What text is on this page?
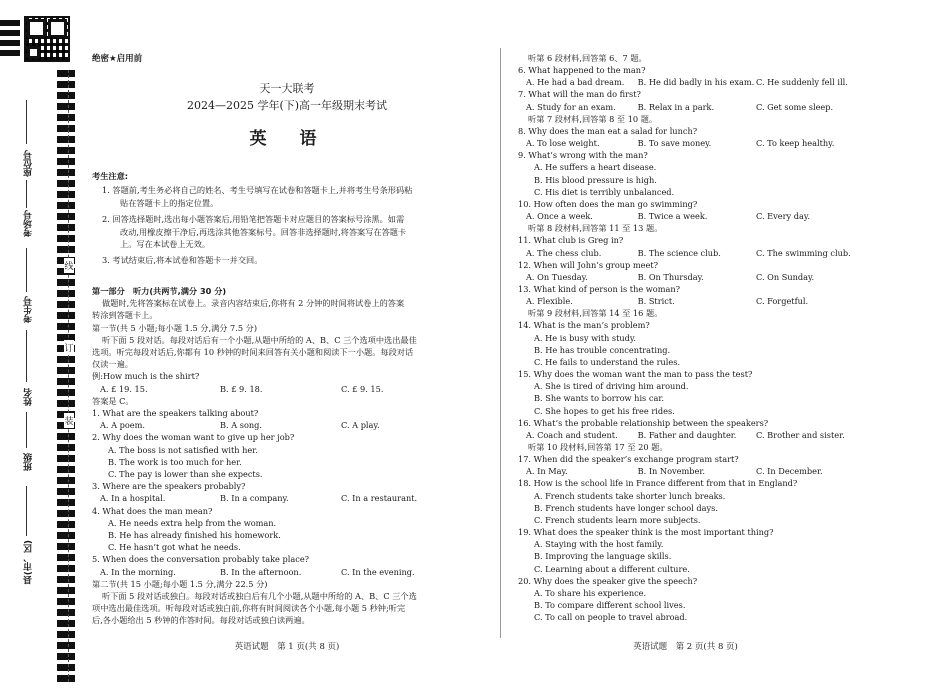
座位号
考场号
考生号
姓名
班级
县(市、区)
线
订
装
绝密★启用前
天一大联考
2024—2025 学年(下)高一年级期末考试
英　语
考生注意:
1. 答题前,考生务必将自己的姓名、考生号填写在试卷和答题卡上,并将考生号条形码粘
贴在答题卡上的指定位置。
2. 回答选择题时,选出每小题答案后,用铅笔把答题卡对应题目的答案标号涂黑。如需
改动,用橡皮擦干净后,再选涂其他答案标号。回答非选择题时,将答案写在答题卡
上。写在本试卷上无效。
3. 考试结束后,将本试卷和答题卡一并交回。
第一部分　听力(共两节,满分 30 分)
做题时,先将答案标在试卷上。录音内容结束后,你将有 2 分钟的时间将试卷上的答案
转涂到答题卡上。
第一节(共 5 小题;每小题 1.5 分,满分 7.5 分)
听下面 5 段对话。每段对话后有一个小题,从题中所给的 A、B、C 三个选项中选出最佳
选项。听完每段对话后,你都有 10 秒钟的时间来回答有关小题和阅读下一小题。每段对话
仅读一遍。
例:How much is the shirt?
A. £ 19. 15.	B. £ 9. 18.	C. £ 9. 15.
答案是 C。
1. What are the speakers talking about?
A. A poem.	B. A song.	C. A play.
2. Why does the woman want to give up her job?
A. The boss is not satisfied with her.
B. The work is too much for her.
C. The pay is lower than she expects.
3. Where are the speakers probably?
A. In a hospital.	B. In a company.	C. In a restaurant.
4. What does the man mean?
A. He needs extra help from the woman.
B. He has already finished his homework.
C. He hasn’t got what he needs.
5. When does the conversation probably take place?
A. In the morning.	B. In the afternoon.	C. In the evening.
第二节(共 15 小题;每小题 1.5 分,满分 22.5 分)
听下面 5 段对话或独白。每段对话或独白后有几个小题,从题中所给的 A、B、C 三个选
项中选出最佳选项。听每段对话或独白前,你将有时间阅读各个小题,每小题 5 秒钟;听完
后,各小题给出 5 秒钟的作答时间。每段对话或独白读两遍。
听第 6 段材料,回答第 6、7 题。
6. What happened to the man?
A. He had a bad dream.	B. He did badly in his exam. C. He suddenly fell ill.
7. What will the man do first?
A. Study for an exam.	B. Relax in a park.	C. Get some sleep.
听第 7 段材料,回答第 8 至 10 题。
8. Why does the man eat a salad for lunch?
A. To lose weight.	B. To save money.	C. To keep healthy.
9. What’s wrong with the man?
A. He suffers a heart disease.
B. His blood pressure is high.
C. His diet is terribly unbalanced.
10. How often does the man go swimming?
A. Once a week.	B. Twice a week.	C. Every day.
听第 8 段材料,回答第 11 至 13 题。
11. What club is Greg in?
A. The chess club.	B. The science club.	C. The swimming club.
12. When will John’s group meet?
A. On Tuesday.	B. On Thursday.	C. On Sunday.
13. What kind of person is the woman?
A. Flexible.	B. Strict.	C. Forgetful.
听第 9 段材料,回答第 14 至 16 题。
14. What is the man’s problem?
A. He is busy with study.
B. He has trouble concentrating.
C. He fails to understand the rules.
15. Why does the woman want the man to pass the test?
A. She is tired of driving him around.
B. She wants to borrow his car.
C. She hopes to get his free rides.
16. What’s the probable relationship between the speakers?
A. Coach and student.	B. Father and daughter.	C. Brother and sister.
听第 10 段材料,回答第 17 至 20 题。
17. When did the speaker’s exchange program start?
A. In May.	B. In November.	C. In December.
18. How is the school life in France different from that in England?
A. French students take shorter lunch breaks.
B. French students have longer school days.
C. French students learn more subjects.
19. What does the speaker think is the most important thing?
A. Staying with the host family.
B. Improving the language skills.
C. Learning about a different culture.
20. Why does the speaker give the speech?
A. To share his experience.
B. To compare different school lives.
C. To call on people to travel abroad.
英语试题　第 1 页(共 8 页)	英语试题　第 2 页(共 8 页)
